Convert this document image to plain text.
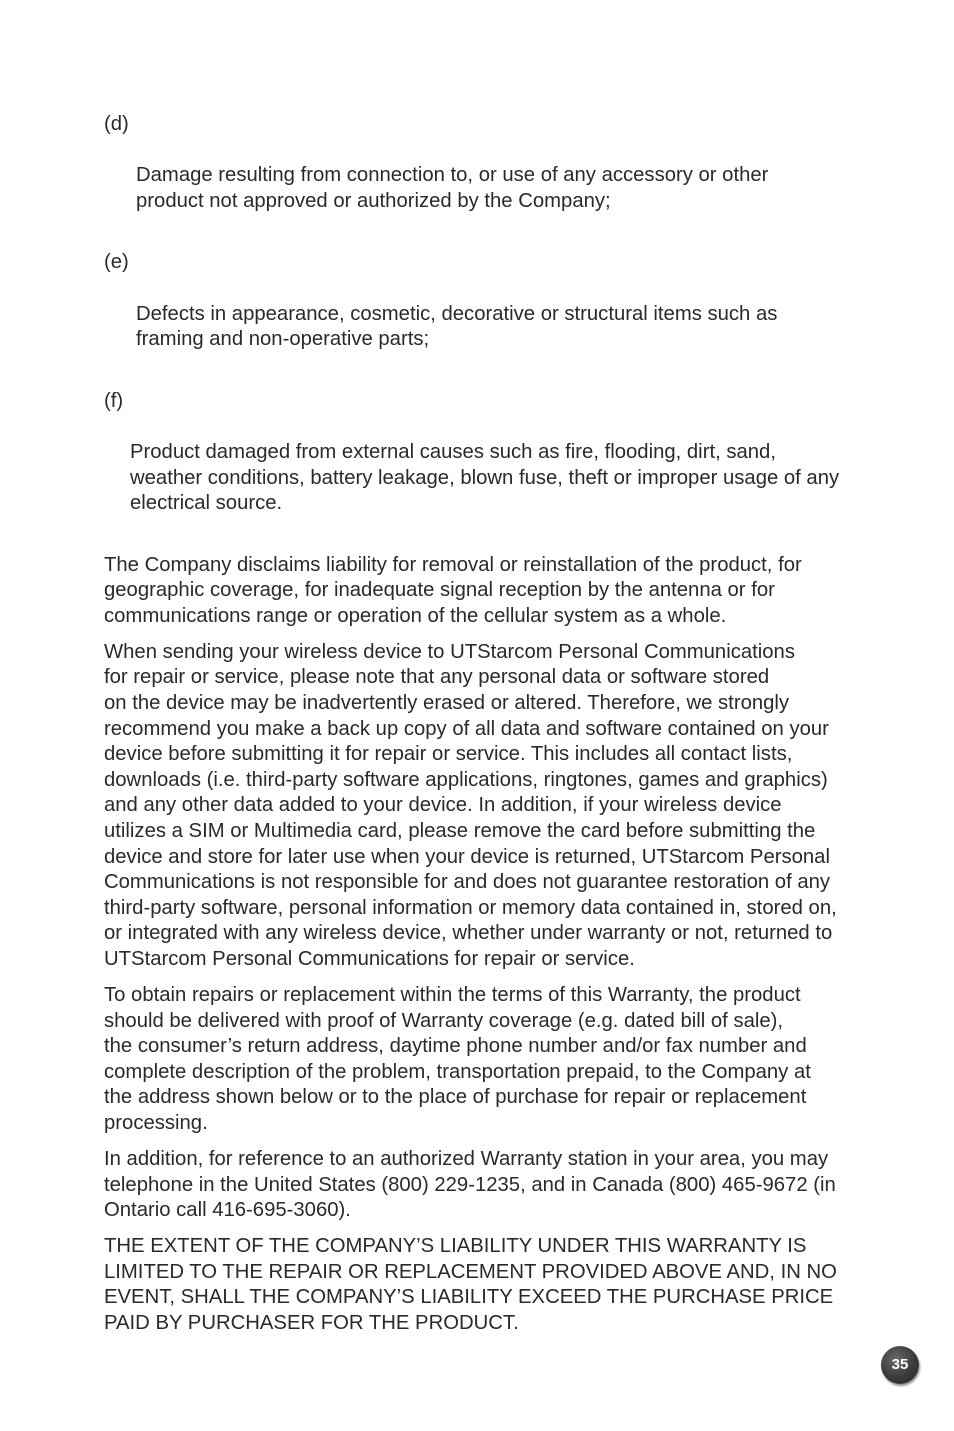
(d)

Damage resulting from connection to, or use of any accessory or other
product not approved or authorized by the Company;

(e)

Defects in appearance, cosmetic, decorative or structural items such as
framing and non-operative parts;

(f)

Product damaged from external causes such as fire, flooding, dirt, sand,
weather conditions, battery leakage, blown fuse, theft or improper usage of any
electrical source.

The Company disclaims liability for removal or reinstallation of the product, for
geographic coverage, for inadequate signal reception by the antenna or for
communications range or operation of the cellular system as a whole.

When sending your wireless device to UTStarcom Personal Communications
for repair or service, please note that any personal data or software stored
on the device may be inadvertently erased or altered. Therefore, we strongly
recommend you make a back up copy of all data and software contained on your
device before submitting it for repair or service. This includes all contact lists,
downloads (i.e. third-party software applications, ringtones, games and graphics)
and any other data added to your device. In addition, if your wireless device
utilizes a SIM or Multimedia card, please remove the card before submitting the
device and store for later use when your device is returned, UTStarcom Personal
Communications is not responsible for and does not guarantee restoration of any
third-party software, personal information or memory data contained in, stored on,
or integrated with any wireless device, whether under warranty or not, returned to
UTStarcom Personal Communications for repair or service.

To obtain repairs or replacement within the terms of this Warranty, the product
should be delivered with proof of Warranty coverage (e.g. dated bill of sale),
the consumer’s return address, daytime phone number and/or fax number and
complete description of the problem, transportation prepaid, to the Company at
the address shown below or to the place of purchase for repair or replacement
processing.

In addition, for reference to an authorized Warranty station in your area, you may
telephone in the United States (800) 229-1235, and in Canada (800) 465-9672 (in
Ontario call 416-695-3060).

THE EXTENT OF THE COMPANY’S LIABILITY UNDER THIS WARRANTY IS
LIMITED TO THE REPAIR OR REPLACEMENT PROVIDED ABOVE AND, IN NO
EVENT, SHALL THE COMPANY’S LIABILITY EXCEED THE PURCHASE PRICE
PAID BY PURCHASER FOR THE PRODUCT.

35
